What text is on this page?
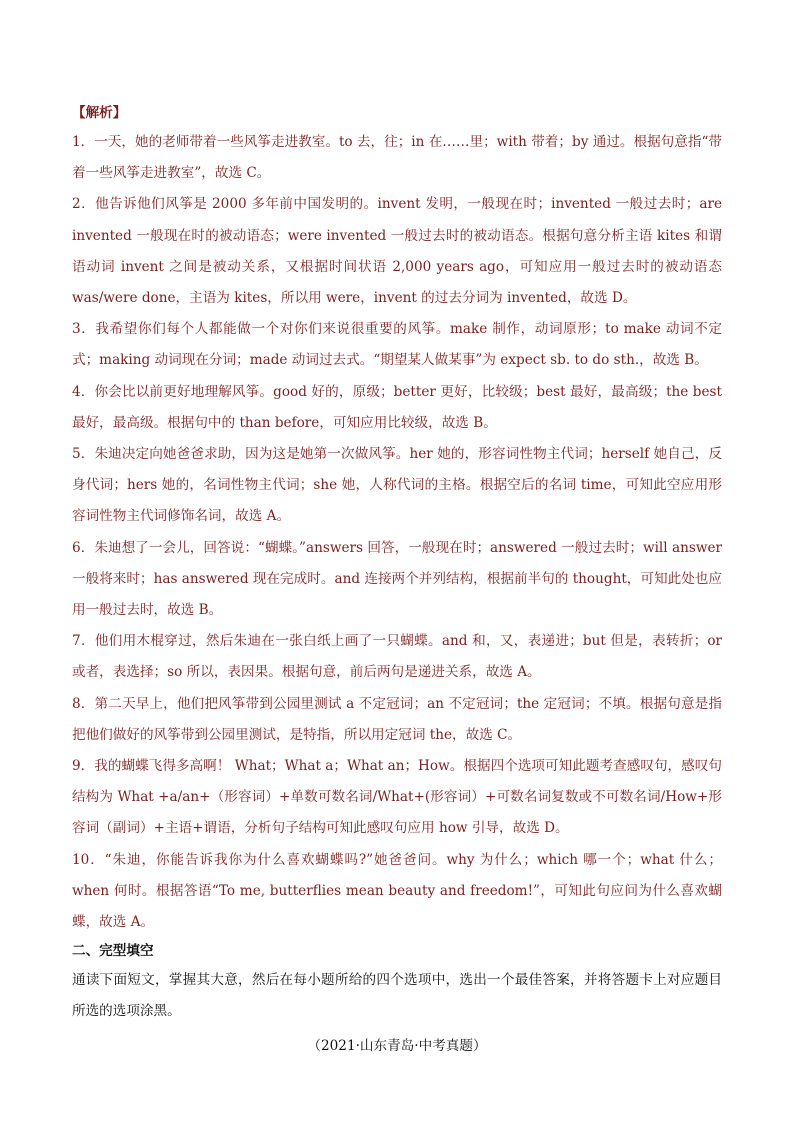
【解析】

1．一天，她的老师带着一些风筝走进教室。to 去，往；in 在……里；with 带着；by 通过。根据句意指“带着一些风筝走进教室”，故选 C。

2．他告诉他们风筝是 2000 多年前中国发明的。invent 发明，一般现在时；invented 一般过去时；are invented 一般现在时的被动语态；were invented 一般过去时的被动语态。根据句意分析主语 kites 和谓语动词 invent 之间是被动关系，又根据时间状语 2,000 years ago，可知应用一般过去时的被动语态 was/were done，主语为 kites，所以用 were，invent 的过去分词为 invented，故选 D。

3．我希望你们每个人都能做一个对你们来说很重要的风筝。make 制作，动词原形；to make 动词不定式；making 动词现在分词；made 动词过去式。“期望某人做某事”为 expect sb. to do sth.，故选 B。

4．你会比以前更好地理解风筝。good 好的，原级；better 更好，比较级；best 最好，最高级；the best 最好，最高级。根据句中的 than before，可知应用比较级，故选 B。

5．朱迪决定向她爸爸求助，因为这是她第一次做风筝。her 她的，形容词性物主代词；herself 她自己，反身代词；hers 她的，名词性物主代词；she 她，人称代词的主格。根据空后的名词 time，可知此空应用形容词性物主代词修饰名词，故选 A。

6．朱迪想了一会儿，回答说：“蝴蝶。”answers 回答，一般现在时；answered 一般过去时；will answer 一般将来时；has answered 现在完成时。and 连接两个并列结构，根据前半句的 thought，可知此处也应用一般过去时，故选 B。

7．他们用木棍穿过，然后朱迪在一张白纸上画了一只蝴蝶。and 和，又，表递进；but 但是，表转折；or 或者，表选择；so 所以，表因果。根据句意，前后两句是递进关系，故选 A。

8．第二天早上，他们把风筝带到公园里测试 a 不定冠词；an 不定冠词；the 定冠词；不填。根据句意是指把他们做好的风筝带到公园里测试，是特指，所以用定冠词 the，故选 C。

9．我的蝴蝶飞得多高啊！ What；What a；What an；How。根据四个选项可知此题考查感叹句，感叹句结构为 What +a/an+（形容词）+单数可数名词/What+(形容词）+可数名词复数或不可数名词/How+形容词（副词）+主语+谓语，分析句子结构可知此感叹句应用 how 引导，故选 D。

10．“朱迪，你能告诉我你为什么喜欢蝴蝶吗?”她爸爸问。why 为什么；which 哪一个；what 什么；when 何时。根据答语“To me, butterflies mean beauty and freedom!”，可知此句应问为什么喜欢蝴蝶，故选 A。

二、完型填空

通读下面短文，掌握其大意，然后在每小题所给的四个选项中，选出一个最佳答案，并将答题卡上对应题目所选的选项涂黑。

（2021·山东青岛·中考真题）
